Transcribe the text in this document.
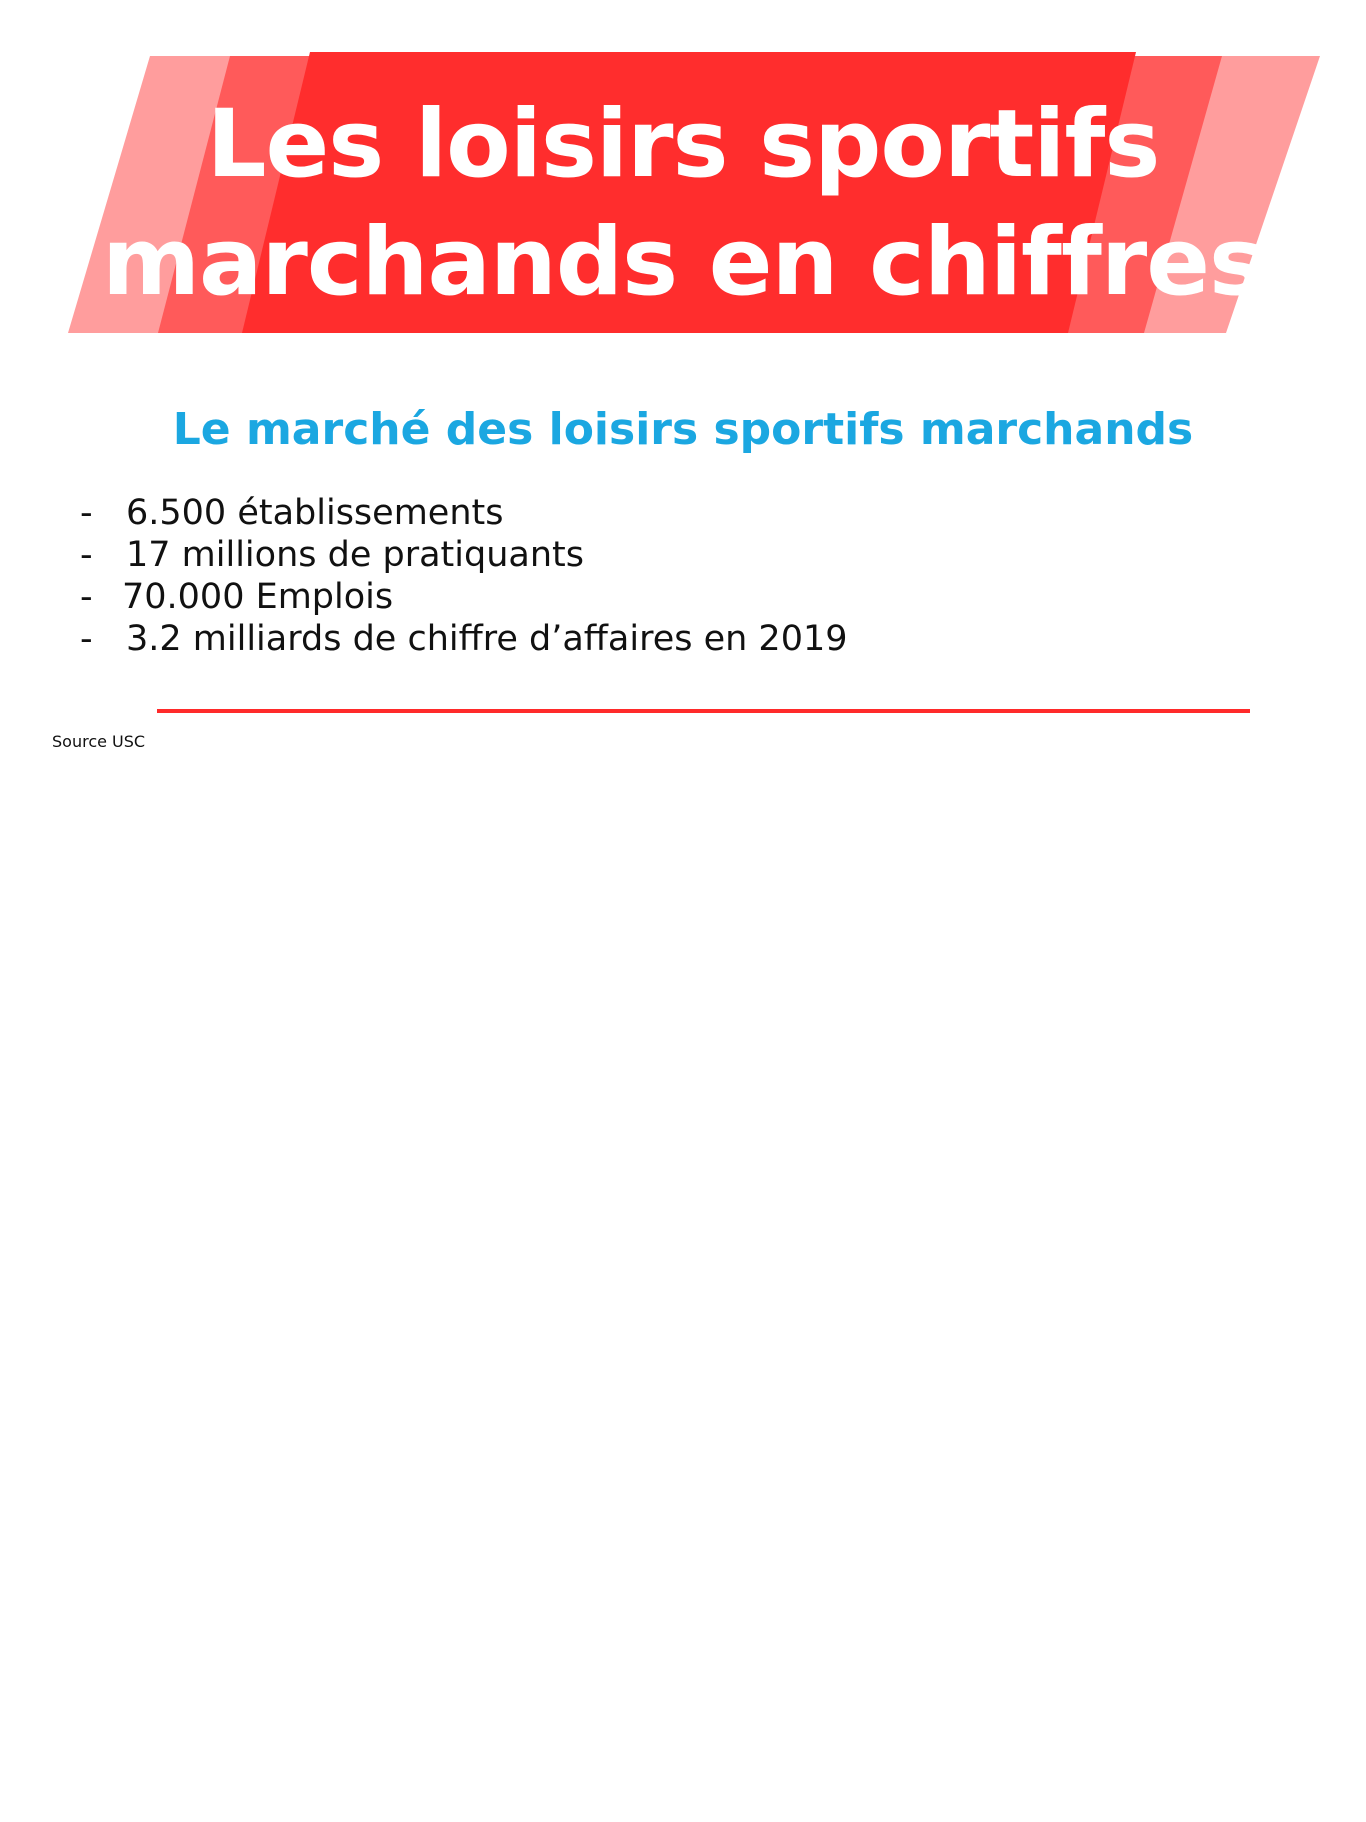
Les loisirs sportifs
marchands en chiffres
Le marché des loisirs sportifs marchands
- 6.500 établissements
- 17 millions de pratiquants
- 70.000 Emplois
- 3.2 milliards de chiffre d’affaires en 2019

Source USC
